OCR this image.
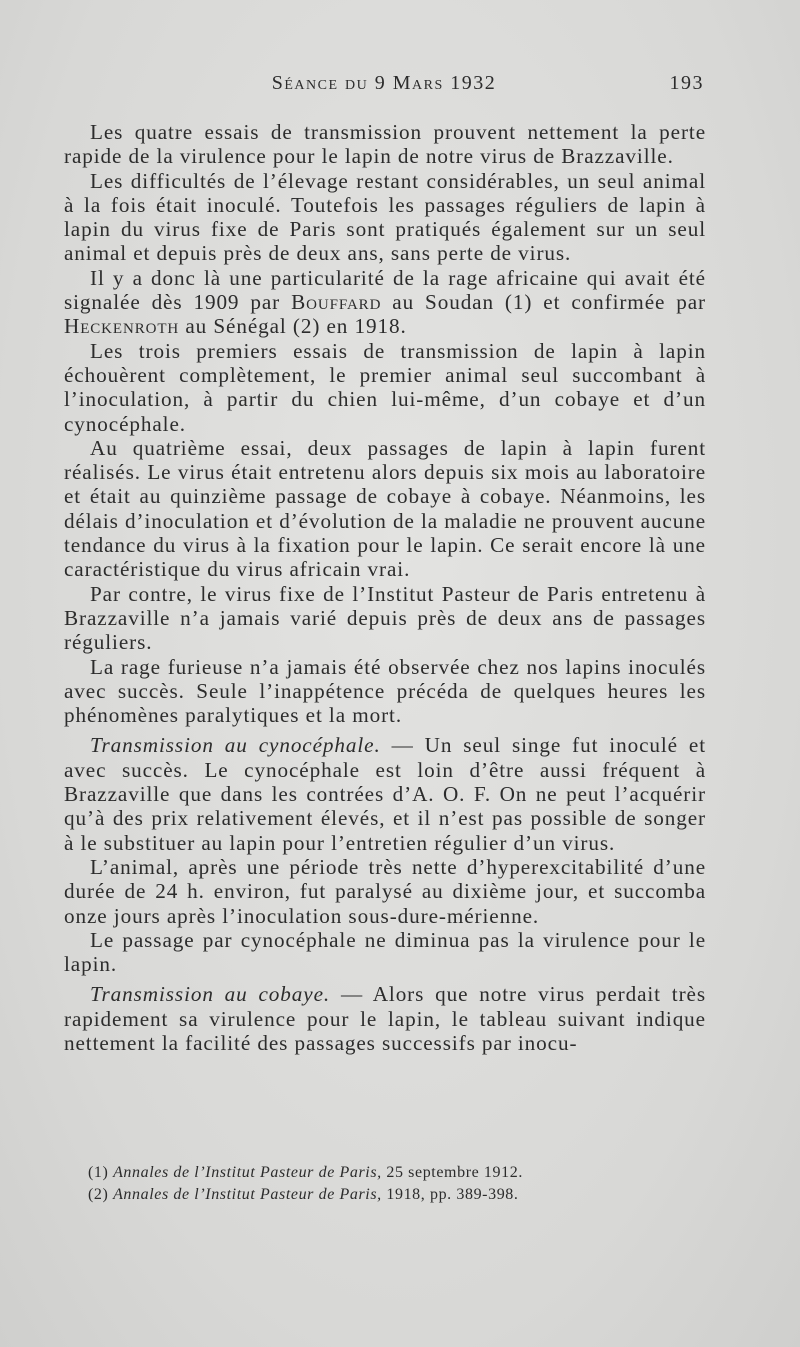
Séance du 9 Mars 1932	193

Les quatre essais de transmission prouvent nettement la perte rapide de la virulence pour le lapin de notre virus de Brazzaville.

Les difficultés de l’élevage restant considérables, un seul animal à la fois était inoculé. Toutefois les passages réguliers de lapin à lapin du virus fixe de Paris sont pratiqués également sur un seul animal et depuis près de deux ans, sans perte de virus.

Il y a donc là une particularité de la rage africaine qui avait été signalée dès 1909 par Bouffard au Soudan (1) et confirmée par Heckenroth au Sénégal (2) en 1918.

Les trois premiers essais de transmission de lapin à lapin échouèrent complètement, le premier animal seul succombant à l’inoculation, à partir du chien lui-même, d’un cobaye et d’un cynocéphale.

Au quatrième essai, deux passages de lapin à lapin furent réalisés. Le virus était entretenu alors depuis six mois au laboratoire et était au quinzième passage de cobaye à cobaye. Néanmoins, les délais d’inoculation et d’évolution de la maladie ne prouvent aucune tendance du virus à la fixation pour le lapin. Ce serait encore là une caractéristique du virus africain vrai.

Par contre, le virus fixe de l’Institut Pasteur de Paris entretenu à Brazzaville n’a jamais varié depuis près de deux ans de passages réguliers.

La rage furieuse n’a jamais été observée chez nos lapins inoculés avec succès. Seule l’inappétence précéda de quelques heures les phénomènes paralytiques et la mort.

Transmission au cynocéphale. — Un seul singe fut inoculé et avec succès. Le cynocéphale est loin d’être aussi fréquent à Brazzaville que dans les contrées d’A. O. F. On ne peut l’acquérir qu’à des prix relativement élevés, et il n’est pas possible de songer à le substituer au lapin pour l’entretien régulier d’un virus.

L’animal, après une période très nette d’hyperexcitabilité d’une durée de 24 h. environ, fut paralysé au dixième jour, et succomba onze jours après l’inoculation sous-dure-mérienne.

Le passage par cynocéphale ne diminua pas la virulence pour le lapin.

Transmission au cobaye. — Alors que notre virus perdait très rapidement sa virulence pour le lapin, le tableau suivant indique nettement la facilité des passages successifs par inocu-

(1) Annales de l’Institut Pasteur de Paris, 25 septembre 1912.
(2) Annales de l’Institut Pasteur de Paris, 1918, pp. 389-398.
